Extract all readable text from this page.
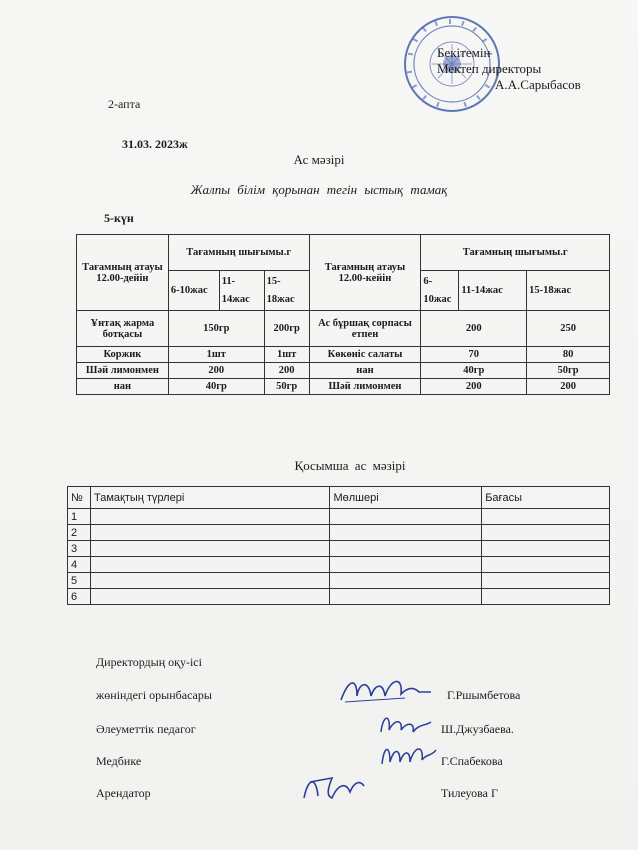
Бекітемін
Мектеп директоры
А.А.Сарыбасов
2-апта
31.03. 2023ж
Ас мәзірі
Жалпы білім қорынан тегін ыстық тамақ
5-күн
Тағамның атауы 12.00-дейін	Тағамның шығымы.г			Тағамның атауы 12.00-кейін	Тағамның шығымы.г		
	6-10жас	11-14жас	15-18жас		6-10жас	11-14жас	15-18жас
Ұнтақ жарма ботқасы	150гр		200гр	Ас бұршақ сорпасы етпен	200		250
Коржик	1шт		1шт	Көкөніс салаты	70		80
Шәй лимонмен	200		200	нан	40гр		50гр
нан	40гр		50гр	Шәй лимонмен	200		200
Қосымша ас мәзірі
№	Тамақтың түрлері	Мөлшері	Бағасы
1			
2			
3			
4			
5			
6			
Директордың оқу-ісі
жөніндегі орынбасары	Г.Ршымбетова
Әлеуметтік педагог	Ш.Джузбаева.
Медбике	Г.Спабекова
Арендатор	Тилеуова Г
